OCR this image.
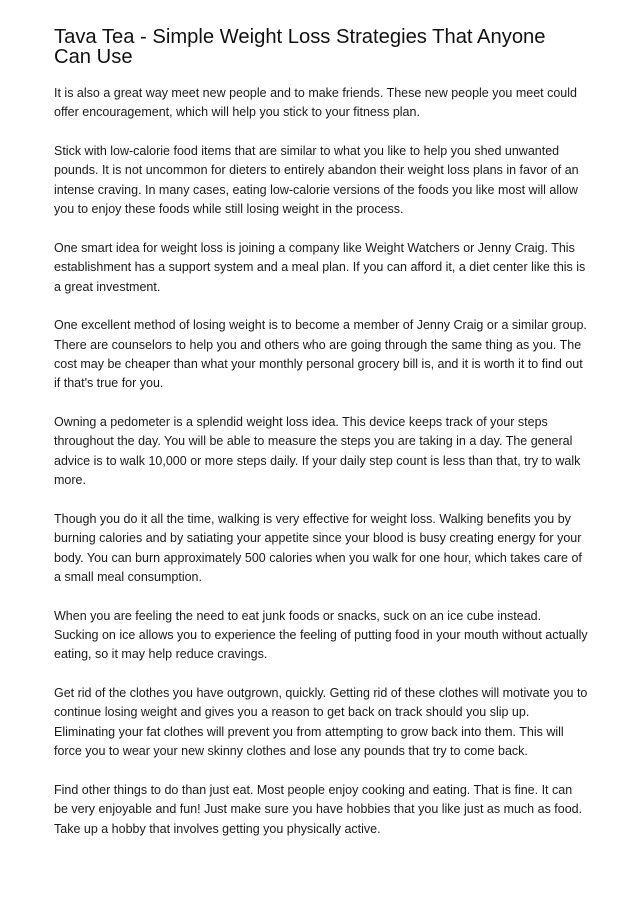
Tava Tea - Simple Weight Loss Strategies That Anyone Can Use

It is also a great way meet new people and to make friends. These new people you meet could offer encouragement, which will help you stick to your fitness plan.

Stick with low-calorie food items that are similar to what you like to help you shed unwanted pounds. It is not uncommon for dieters to entirely abandon their weight loss plans in favor of an intense craving. In many cases, eating low-calorie versions of the foods you like most will allow you to enjoy these foods while still losing weight in the process.

One smart idea for weight loss is joining a company like Weight Watchers or Jenny Craig. This establishment has a support system and a meal plan. If you can afford it, a diet center like this is a great investment.

One excellent method of losing weight is to become a member of Jenny Craig or a similar group. There are counselors to help you and others who are going through the same thing as you. The cost may be cheaper than what your monthly personal grocery bill is, and it is worth it to find out if that's true for you.

Owning a pedometer is a splendid weight loss idea. This device keeps track of your steps throughout the day. You will be able to measure the steps you are taking in a day. The general advice is to walk 10,000 or more steps daily. If your daily step count is less than that, try to walk more.

Though you do it all the time, walking is very effective for weight loss. Walking benefits you by burning calories and by satiating your appetite since your blood is busy creating energy for your body. You can burn approximately 500 calories when you walk for one hour, which takes care of a small meal consumption.

When you are feeling the need to eat junk foods or snacks, suck on an ice cube instead. Sucking on ice allows you to experience the feeling of putting food in your mouth without actually eating, so it may help reduce cravings.

Get rid of the clothes you have outgrown, quickly. Getting rid of these clothes will motivate you to continue losing weight and gives you a reason to get back on track should you slip up. Eliminating your fat clothes will prevent you from attempting to grow back into them. This will force you to wear your new skinny clothes and lose any pounds that try to come back.

Find other things to do than just eat. Most people enjoy cooking and eating. That is fine. It can be very enjoyable and fun! Just make sure you have hobbies that you like just as much as food. Take up a hobby that involves getting you physically active.
